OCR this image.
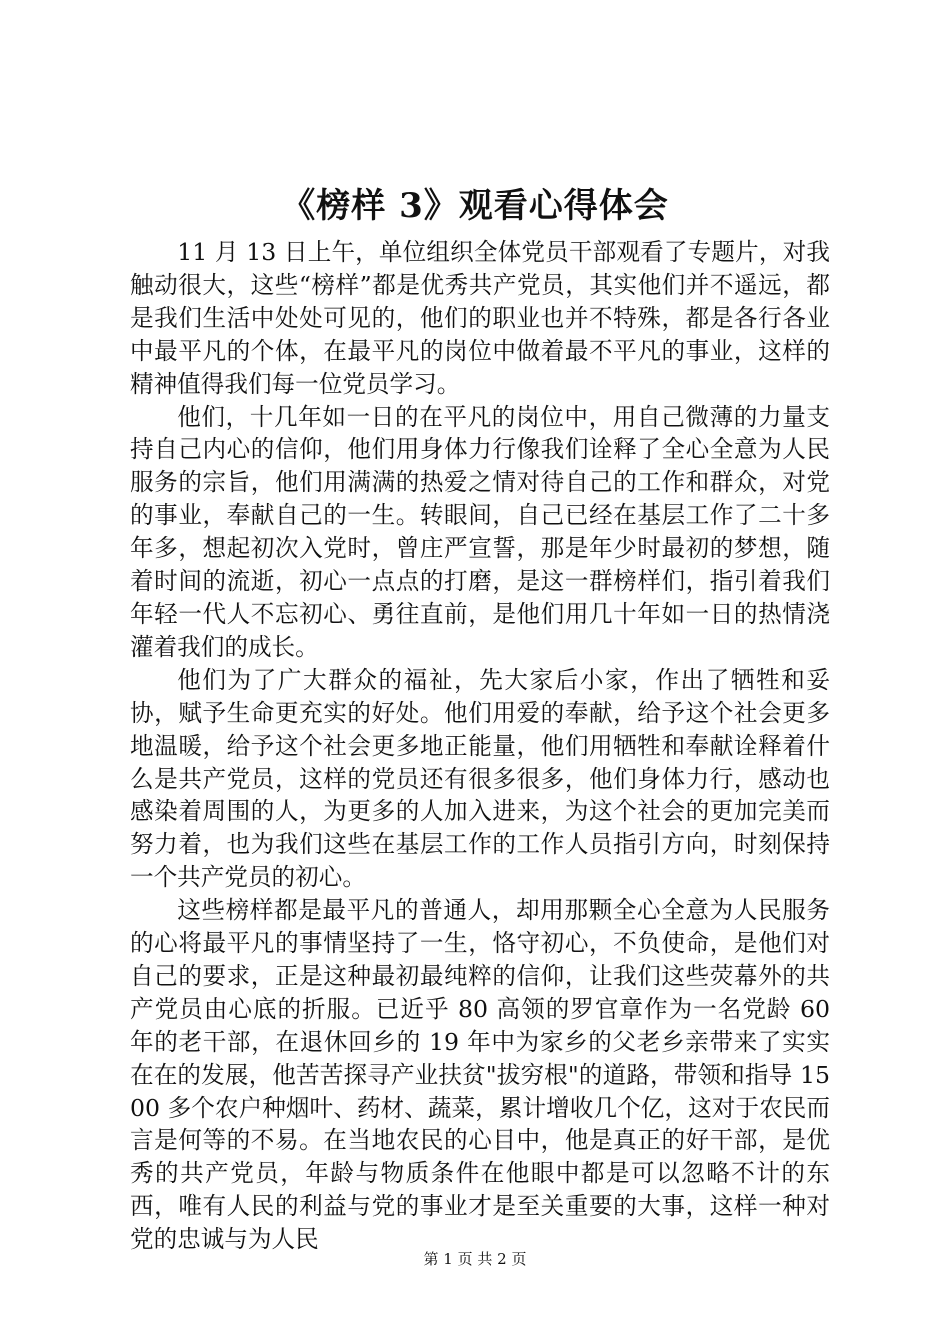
《榜样 3》观看心得体会

11 月 13 日上午，单位组织全体党员干部观看了专题片，对我触动很大，这些“榜样”都是优秀共产党员，其实他们并不遥远，都是我们生活中处处可见的，他们的职业也并不特殊，都是各行各业中最平凡的个体，在最平凡的岗位中做着最不平凡的事业，这样的精神值得我们每一位党员学习。

他们，十几年如一日的在平凡的岗位中，用自己微薄的力量支持自己内心的信仰，他们用身体力行像我们诠释了全心全意为人民服务的宗旨，他们用满满的热爱之情对待自己的工作和群众，对党的事业，奉献自己的一生。转眼间，自己已经在基层工作了二十多年多，想起初次入党时，曾庄严宣誓，那是年少时最初的梦想，随着时间的流逝，初心一点点的打磨，是这一群榜样们，指引着我们年轻一代人不忘初心、勇往直前，是他们用几十年如一日的热情浇灌着我们的成长。

他们为了广大群众的福祉，先大家后小家，作出了牺牲和妥协，赋予生命更充实的好处。他们用爱的奉献，给予这个社会更多地温暖，给予这个社会更多地正能量，他们用牺牲和奉献诠释着什么是共产党员，这样的党员还有很多很多，他们身体力行，感动也感染着周围的人，为更多的人加入进来，为这个社会的更加完美而努力着，也为我们这些在基层工作的工作人员指引方向，时刻保持一个共产党员的初心。

这些榜样都是最平凡的普通人，却用那颗全心全意为人民服务的心将最平凡的事情坚持了一生，恪守初心，不负使命，是他们对自己的要求，正是这种最初最纯粹的信仰，让我们这些荧幕外的共产党员由心底的折服。已近乎 80 高领的罗官章作为一名党龄 60 年的老干部，在退休回乡的 19 年中为家乡的父老乡亲带来了实实在在的发展，他苦苦探寻产业扶贫"拔穷根"的道路，带领和指导 1500 多个农户种烟叶、药材、蔬菜，累计增收几个亿，这对于农民而言是何等的不易。在当地农民的心目中，他是真正的好干部，是优秀的共产党员，年龄与物质条件在他眼中都是可以忽略不计的东西，唯有人民的利益与党的事业才是至关重要的大事，这样一种对党的忠诚与为人民

第 1 页 共 2 页
